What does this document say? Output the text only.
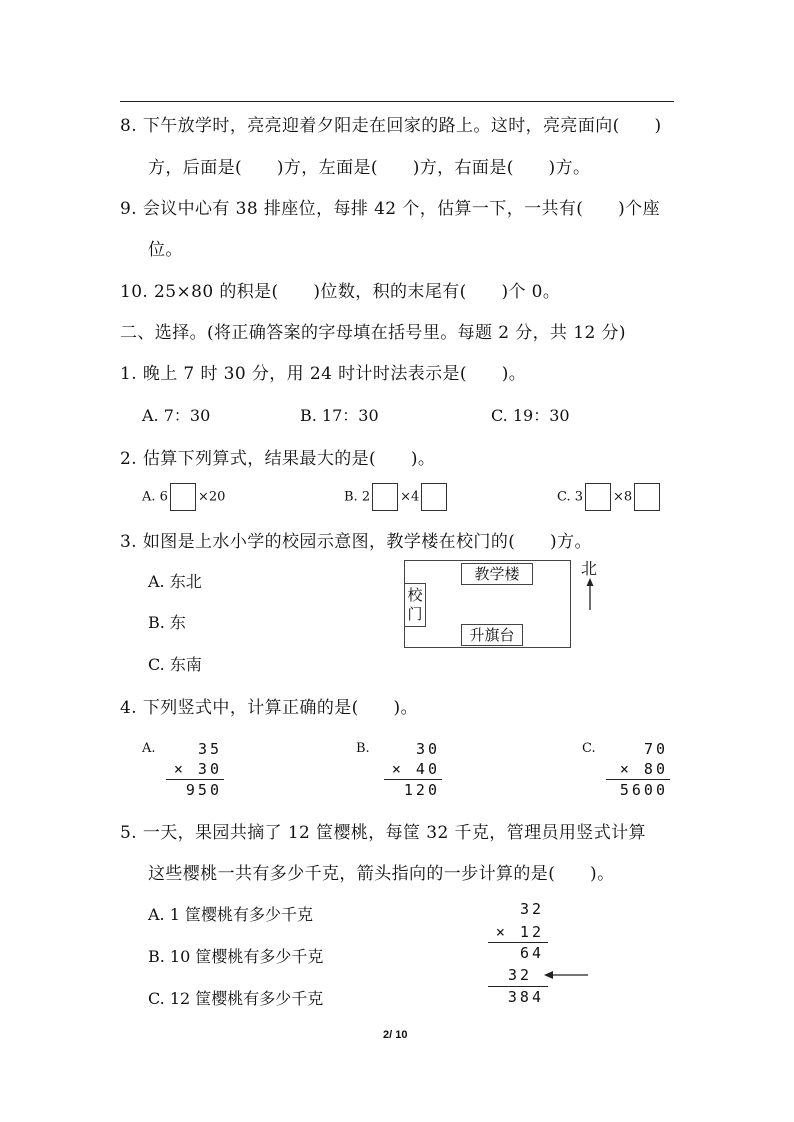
8. 下午放学时，亮亮迎着夕阳走在回家的路上。这时，亮亮面向(　　)
方，后面是(　　)方，左面是(　　)方，右面是(　　)方。
9. 会议中心有 38 排座位，每排 42 个，估算一下，一共有(　　)个座
位。
10. 25×80 的积是(　　)位数，积的末尾有(　　)个 0。
二、选择。(将正确答案的字母填在括号里。每题 2 分，共 12 分)
1. 晚上 7 时 30 分，用 24 时计时法表示是(　　)。
A. 7：30	B. 17：30	C. 19：30
2. 估算下列算式，结果最大的是(　　)。
A. 6 ×20	B. 2 ×4	C. 3 ×8
3. 如图是上水小学的校园示意图，教学楼在校门的(　　)方。
A. 东北
B. 东
C. 东南
教学楼
校门
升旗台
北
4. 下列竖式中，计算正确的是(　　)。
A.	35
× 30
950
B.	30
× 40
120
C.	70
× 80
5600
5. 一天，果园共摘了 12 筐樱桃，每筐 32 千克，管理员用竖式计算
这些樱桃一共有多少千克，箭头指向的一步计算的是(　　)。
A. 1 筐樱桃有多少千克
B. 10 筐樱桃有多少千克
C. 12 筐樱桃有多少千克
32
× 12
64
32
384
2/ 10
